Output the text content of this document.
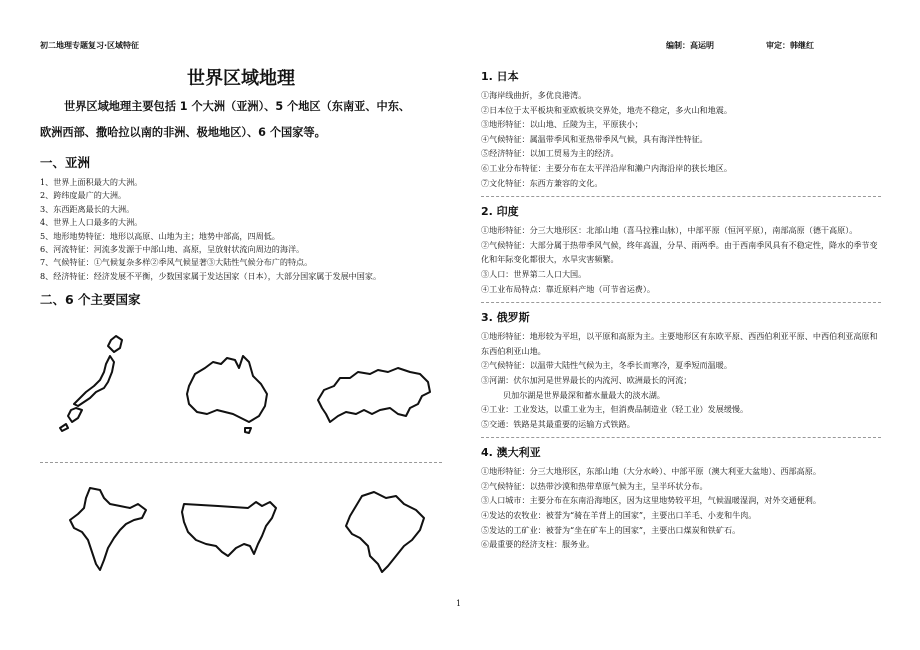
初二地理专题复习·区域特征	编制：高运明	审定：韩继红
世界区域地理
世界区域地理主要包括 1 个大洲（亚洲）、5 个地区（东南亚、中东、
欧洲西部、撒哈拉以南的非洲、极地地区）、6 个国家等。
一、亚洲
1、世界上面积最大的大洲。
2、跨纬度最广的大洲。
3、东西距离最长的大洲。
4、世界上人口最多的大洲。
5、地形地势特征：地形以高原、山地为主；地势中部高，四周低。
6、河流特征：河流多发源于中部山地、高原，呈放射状流向周边的海洋。
7、气候特征：①气候复杂多样②季风气候显著③大陆性气候分布广的特点。
8、经济特征：经济发展不平衡，少数国家属于发达国家（日本），大部分国家属于发展中国家。
二、6 个主要国家
1. 日本
①海岸线曲折，多优良港湾。
②日本位于太平板块和亚欧板块交界处，地壳不稳定，多火山和地震。
③地形特征：以山地、丘陵为主，平原狭小；
④气候特征：属温带季风和亚热带季风气候，具有海洋性特征。
⑤经济特征：以加工贸易为主的经济。
⑥工业分布特征：主要分布在太平洋沿岸和濑户内海沿岸的狭长地区。
⑦文化特征：东西方兼容的文化。
2. 印度
①地形特征：分三大地形区：北部山地（喜马拉雅山脉），中部平原（恒河平原），南部高原（德干高原）。
②气候特征：大部分属于热带季风气候，终年高温，分旱、雨两季。由于西南季风具有不稳定性，降水的季节变化和年际变化都很大，水旱灾害频繁。
③人口：世界第二人口大国。
④工业布局特点：靠近原料产地（可节省运费）。
3. 俄罗斯
①地形特征：地形较为平坦，以平原和高原为主。主要地形区有东欧平原、西西伯利亚平原、中西伯利亚高原和东西伯利亚山地。
②气候特征：以温带大陆性气候为主，冬季长而寒冷，夏季短而温暖。
③河湖：伏尔加河是世界最长的内流河、欧洲最长的河流；
贝加尔湖是世界最深和蓄水量最大的淡水湖。
④工业：工业发达，以重工业为主，但消费品制造业（轻工业）发展缓慢。
⑤交通：铁路是其最重要的运输方式铁路。
4. 澳大利亚
①地形特征：分三大地形区，东部山地（大分水岭）、中部平原（澳大利亚大盆地）、西部高原。
②气候特征：以热带沙漠和热带草原气候为主，呈半环状分布。
③人口城市：主要分布在东南沿海地区，因为这里地势较平坦，气候温暖湿润，对外交通便利。
④发达的农牧业：被誉为“骑在羊背上的国家”，主要出口羊毛、小麦和牛肉。
⑤发达的工矿业：被誉为“坐在矿车上的国家”，主要出口煤炭和铁矿石。
⑥最重要的经济支柱：服务业。
1
